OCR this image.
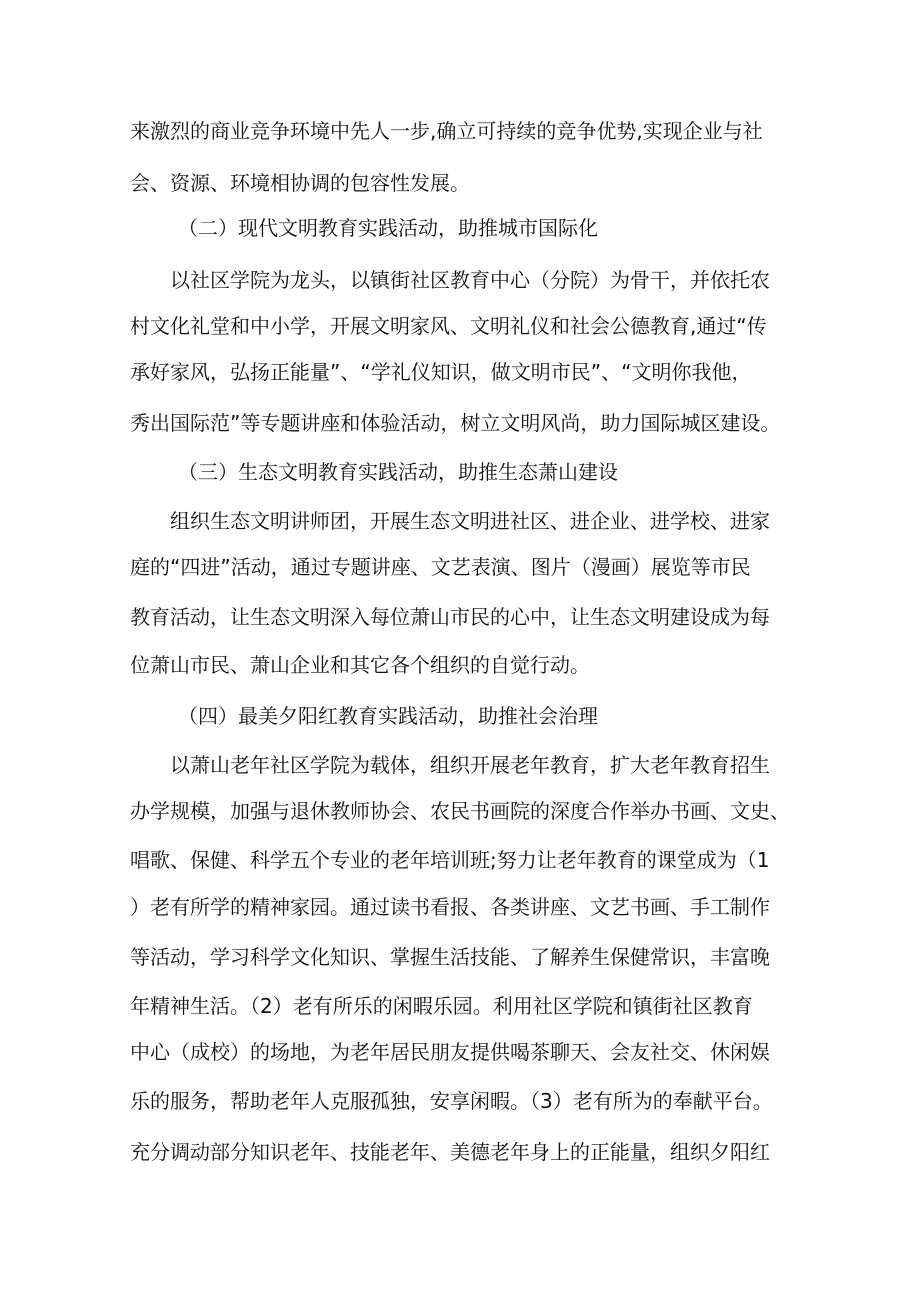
来激烈的商业竞争环境中先人一步,确立可持续的竞争优势,实现企业与社
会、资源、环境相协调的包容性发展。
（二）现代文明教育实践活动，助推城市国际化
以社区学院为龙头，以镇街社区教育中心（分院）为骨干，并依托农
村文化礼堂和中小学，开展文明家风、文明礼仪和社会公德教育,通过“传
承好家风，弘扬正能量”、“学礼仪知识，做文明市民”、“文明你我他，
秀出国际范”等专题讲座和体验活动，树立文明风尚，助力国际城区建设。
（三）生态文明教育实践活动，助推生态萧山建设
组织生态文明讲师团，开展生态文明进社区、进企业、进学校、进家
庭的“四进”活动，通过专题讲座、文艺表演、图片（漫画）展览等市民
教育活动，让生态文明深入每位萧山市民的心中，让生态文明建设成为每
位萧山市民、萧山企业和其它各个组织的自觉行动。
（四）最美夕阳红教育实践活动，助推社会治理
以萧山老年社区学院为载体，组织开展老年教育，扩大老年教育招生
办学规模，加强与退休教师协会、农民书画院的深度合作举办书画、文史、
唱歌、保健、科学五个专业的老年培训班;努力让老年教育的课堂成为（1
）老有所学的精神家园。通过读书看报、各类讲座、文艺书画、手工制作
等活动，学习科学文化知识、掌握生活技能、了解养生保健常识，丰富晚
年精神生活。（2）老有所乐的闲暇乐园。利用社区学院和镇街社区教育
中心（成校）的场地，为老年居民朋友提供喝茶聊天、会友社交、休闲娱
乐的服务，帮助老年人克服孤独，安享闲暇。（3）老有所为的奉献平台。
充分调动部分知识老年、技能老年、美德老年身上的正能量，组织夕阳红
